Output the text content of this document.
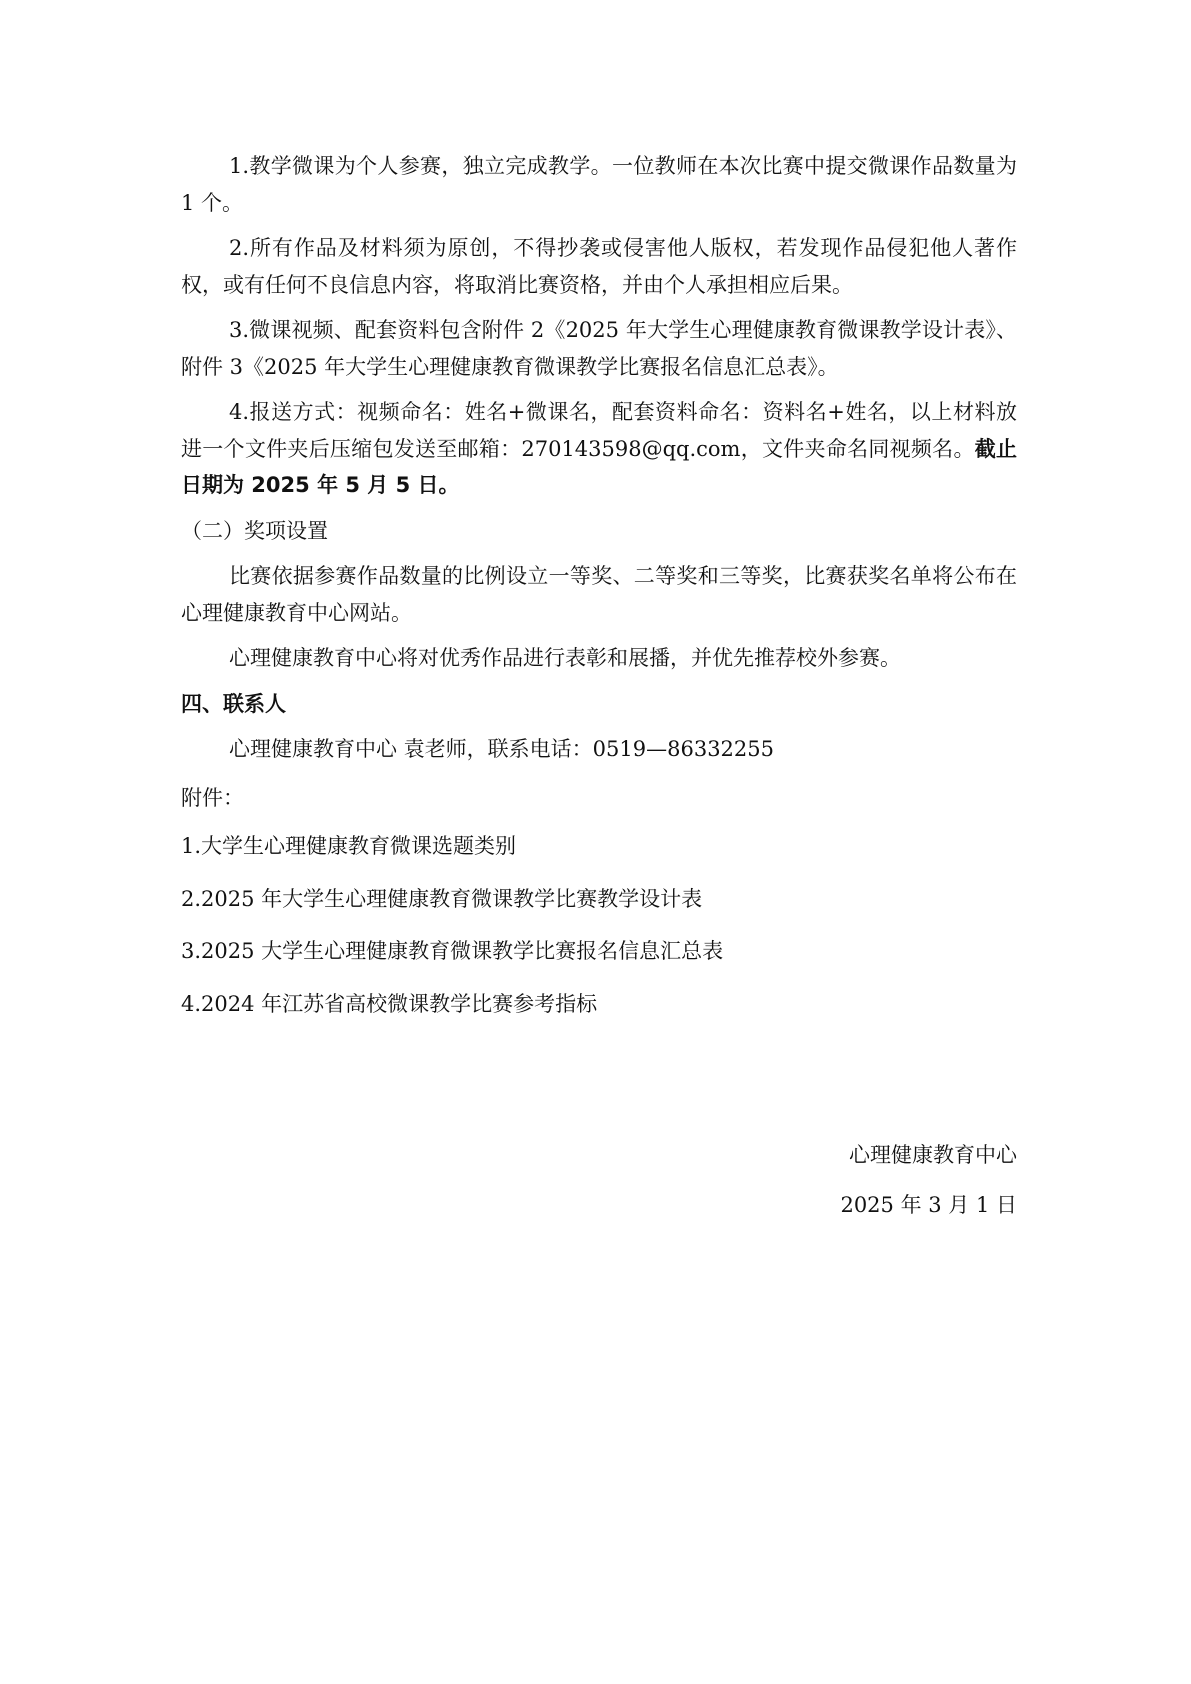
1.教学微课为个人参赛，独立完成教学。一位教师在本次比赛中提交微课作品数量为 1 个。

2.所有作品及材料须为原创，不得抄袭或侵害他人版权，若发现作品侵犯他人著作权，或有任何不良信息内容，将取消比赛资格，并由个人承担相应后果。

3.微课视频、配套资料包含附件 2《2025 年大学生心理健康教育微课教学设计表》、附件 3《2025 年大学生心理健康教育微课教学比赛报名信息汇总表》。

4.报送方式：视频命名：姓名+微课名，配套资料命名：资料名+姓名，以上材料放进一个文件夹后压缩包发送至邮箱：270143598@qq.com，文件夹命名同视频名。截止日期为 2025 年 5 月 5 日。

（二）奖项设置

比赛依据参赛作品数量的比例设立一等奖、二等奖和三等奖，比赛获奖名单将公布在心理健康教育中心网站。

心理健康教育中心将对优秀作品进行表彰和展播，并优先推荐校外参赛。

四、联系人

心理健康教育中心 袁老师，联系电话：0519—86332255

附件：

1.大学生心理健康教育微课选题类别

2.2025 年大学生心理健康教育微课教学比赛教学设计表

3.2025 大学生心理健康教育微课教学比赛报名信息汇总表

4.2024 年江苏省高校微课教学比赛参考指标

心理健康教育中心
2025 年 3 月 1 日
